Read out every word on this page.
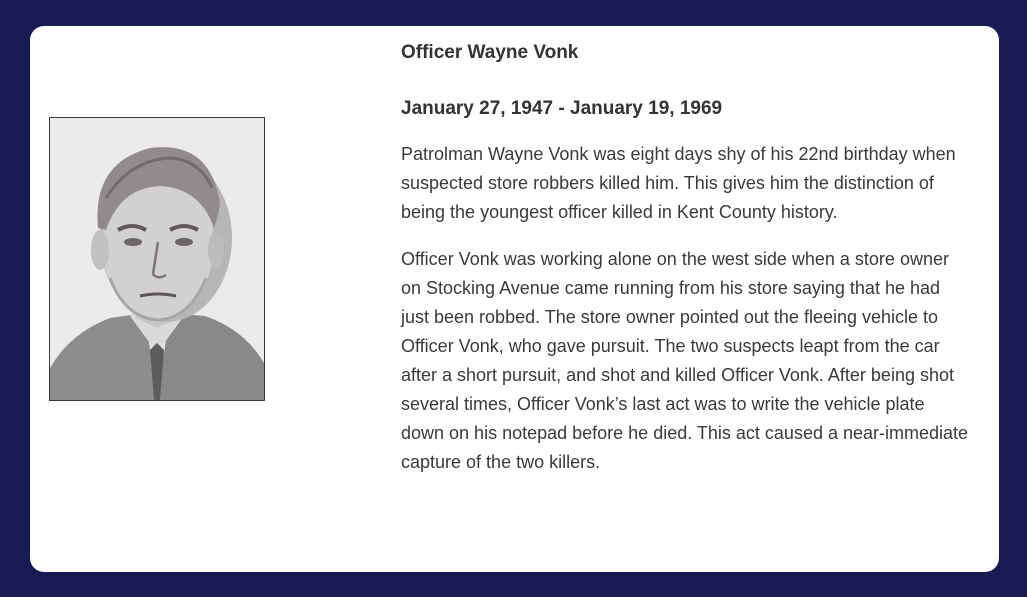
Officer Wayne Vonk
January 27, 1947 - January 19, 1969

Patrolman Wayne Vonk was eight days shy of his 22nd birthday when suspected store robbers killed him. This gives him the distinction of being the youngest officer killed in Kent County history.

Officer Vonk was working alone on the west side when a store owner on Stocking Avenue came running from his store saying that he had just been robbed. The store owner pointed out the fleeing vehicle to Officer Vonk, who gave pursuit. The two suspects leapt from the car after a short pursuit, and shot and killed Officer Vonk. After being shot several times, Officer Vonk’s last act was to write the vehicle plate down on his notepad before he died. This act caused a near-immediate capture of the two killers.
